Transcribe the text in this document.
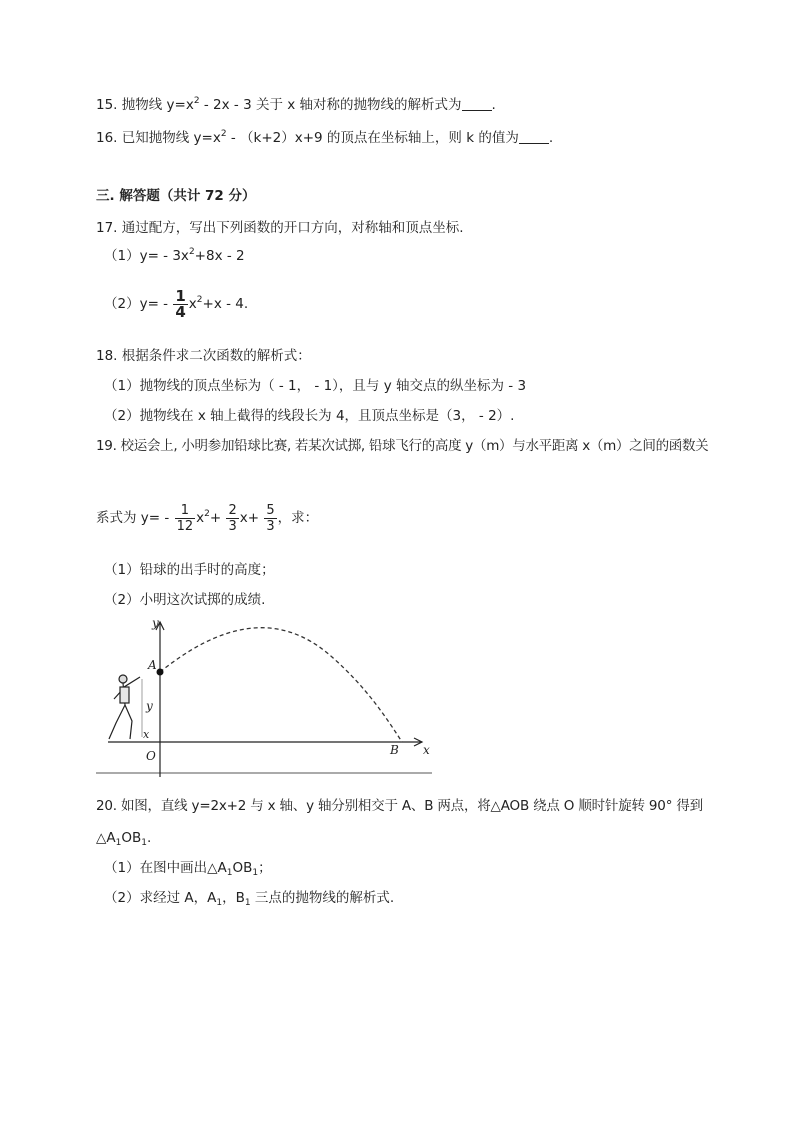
15. 抛物线 $y=x^2 - 2x - 3$ 关于 x 轴对称的抛物线的解析式为 .
16. 已知抛物线 $y=x^2 - (k+2)x+9$ 的顶点在坐标轴上，则 k 的值为 .
三. 解答题（共计 72 分）
17. 通过配方，写出下列函数的开口方向，对称轴和顶点坐标.
$(1)y= - 3x^2+8x - 2$
$(2)y= - \frac{1}{4} x^2+x - 4$.
18. 根据条件求二次函数的解析式：
（1）抛物线的顶点坐标为（ - 1， - 1），且与 y 轴交点的纵坐标为 - 3
（2）抛物线在 x 轴上截得的线段长为 4，且顶点坐标是（3， - 2）.
19. 校运会上, 小明参加铅球比赛, 若某次试掷, 铅球飞行的高度 y（m）与水平距离 x（m）之间的函数关
系式为 $y= - \frac{1}{12} x^2+ \frac{2}{3} x+ \frac{5}{3}$ ，求：
（1）铅球的出手时的高度；
（2）小明这次试掷的成绩.
y
x
O
A
B
y
x
20. 如图，直线 y=2x+2 与 x 轴、y 轴分别相交于 A、B 两点，将△AOB 绕点 O 顺时针旋转 90° 得到
$\triangle A_1OB_1$.
（1）在图中画出$\triangle A_1OB_1$；
（2）求经过 A，$A_1$，$B_1$ 三点的抛物线的解析式.
